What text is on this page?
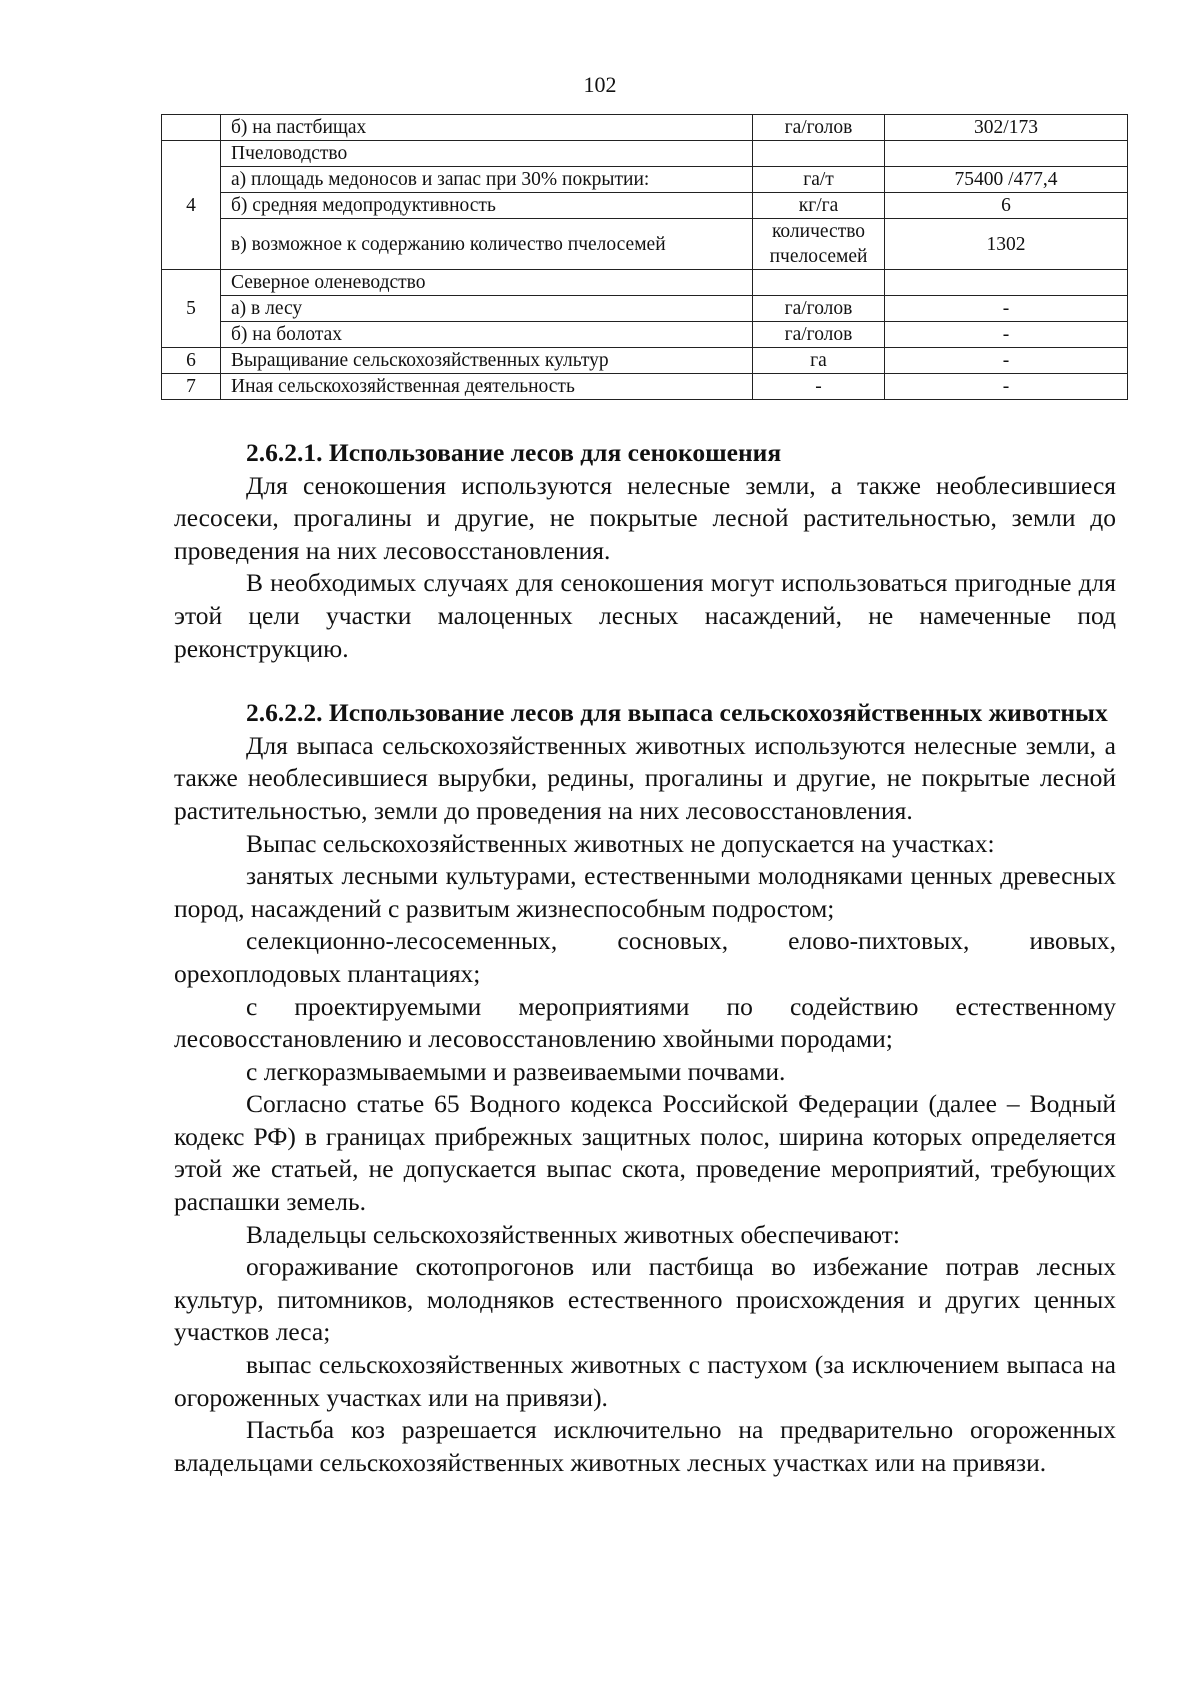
102
	б) на пастбищах	га/голов	302/173
4	Пчеловодство		
	а) площадь медоносов и запас при 30% покрытии:	га/т	75400 /477,4
	б) средняя медопродуктивность	кг/га	6
	в) возможное к содержанию количество пчелосемей	количество пчелосемей	1302
5	Северное оленеводство		
	а) в лесу	га/голов	-
	б) на болотах	га/голов	-
6	Выращивание сельскохозяйственных культур	га	-
7	Иная сельскохозяйственная деятельность	-	-
2.6.2.1. Использование лесов для сенокошения

Для сенокошения используются нелесные земли, а также необлесившиеся лесосеки, прогалины и другие, не покрытые лесной растительностью, земли до проведения на них лесовосстановления.

В необходимых случаях для сенокошения могут использоваться пригодные для этой цели участки малоценных лесных насаждений, не намеченные под реконструкцию.

2.6.2.2. Использование лесов для выпаса сельскохозяйственных животных

Для выпаса сельскохозяйственных животных используются нелесные земли, а также необлесившиеся вырубки, редины, прогалины и другие, не покрытые лесной растительностью, земли до проведения на них лесовосстановления.

Выпас сельскохозяйственных животных не допускается на участках:

занятых лесными культурами, естественными молодняками ценных древесных пород, насаждений с развитым жизнеспособным подростом;

селекционно-лесосеменных, сосновых, елово-пихтовых, ивовых, орехоплодовых плантациях;

с проектируемыми мероприятиями по содействию естественному лесовосстановлению и лесовосстановлению хвойными породами;

с легкоразмываемыми и развеиваемыми почвами.

Согласно статье 65 Водного кодекса Российской Федерации (далее – Водный кодекс РФ) в границах прибрежных защитных полос, ширина которых определяется этой же статьей, не допускается выпас скота, проведение мероприятий, требующих распашки земель.

Владельцы сельскохозяйственных животных обеспечивают:

огораживание скотопрогонов или пастбища во избежание потрав лесных культур, питомников, молодняков естественного происхождения и других ценных участков леса;

выпас сельскохозяйственных животных с пастухом (за исключением выпаса на огороженных участках или на привязи).

Пастьба коз разрешается исключительно на предварительно огороженных владельцами сельскохозяйственных животных лесных участках или на привязи.
